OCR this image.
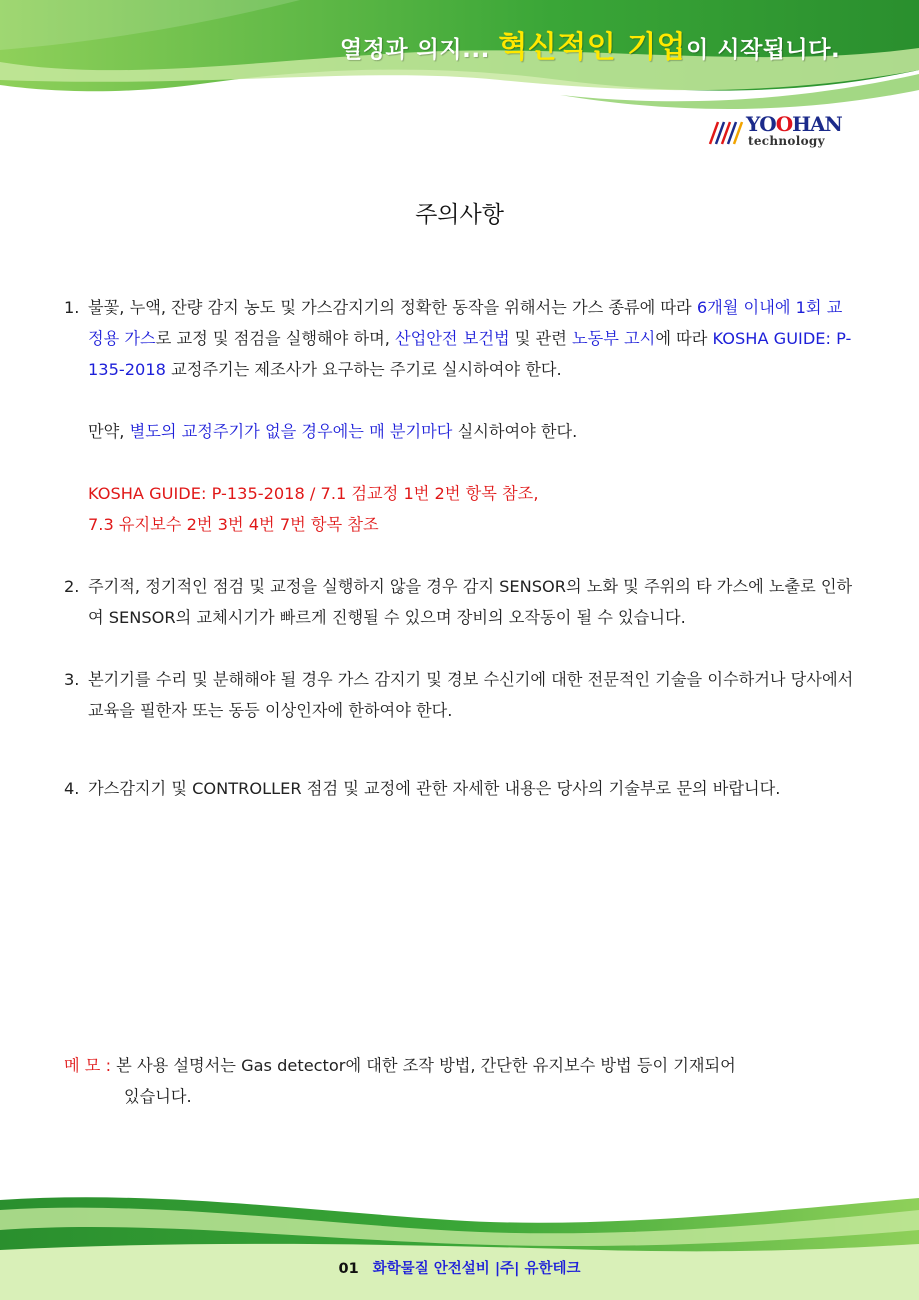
열정과 의지... 혁신적인 기업이 시작됩니다.
YOOHAN
technology
주의사항
1. 불꽃, 누액, 잔량 감지 농도 및 가스감지기의 정확한 동작을 위해서는 가스 종류에 따라 6개월 이내에 1회 교정용 가스로 교정 및 점검을 실행해야 하며, 산업안전 보건법 및 관련 노동부 고시에 따라 KOSHA GUIDE: P-135-2018 교정주기는 제조사가 요구하는 주기로 실시하여야 한다.
만약, 별도의 교정주기가 없을 경우에는 매 분기마다 실시하여야 한다.
KOSHA GUIDE: P-135-2018 / 7.1 검교정 1번 2번 항목 참조,
7.3 유지보수 2번 3번 4번 7번 항목 참조
2. 주기적, 정기적인 점검 및 교정을 실행하지 않을 경우 감지 SENSOR의 노화 및 주위의 타 가스에 노출로 인하여 SENSOR의 교체시기가 빠르게 진행될 수 있으며 장비의 오작동이 될 수 있습니다.
3. 본기기를 수리 및 분해해야 될 경우 가스 감지기 및 경보 수신기에 대한 전문적인 기술을 이수하거나 당사에서 교육을 필한자 또는 동등 이상인자에 한하여야 한다.
4. 가스감지기 및 CONTROLLER 점검 및 교정에 관한 자세한 내용은 당사의 기술부로 문의 바랍니다.
메 모 : 본 사용 설명서는 Gas detector에 대한 조작 방법, 간단한 유지보수 방법 등이 기재되어
있습니다.
01 화학물질 안전설비 |주| 유한테크
